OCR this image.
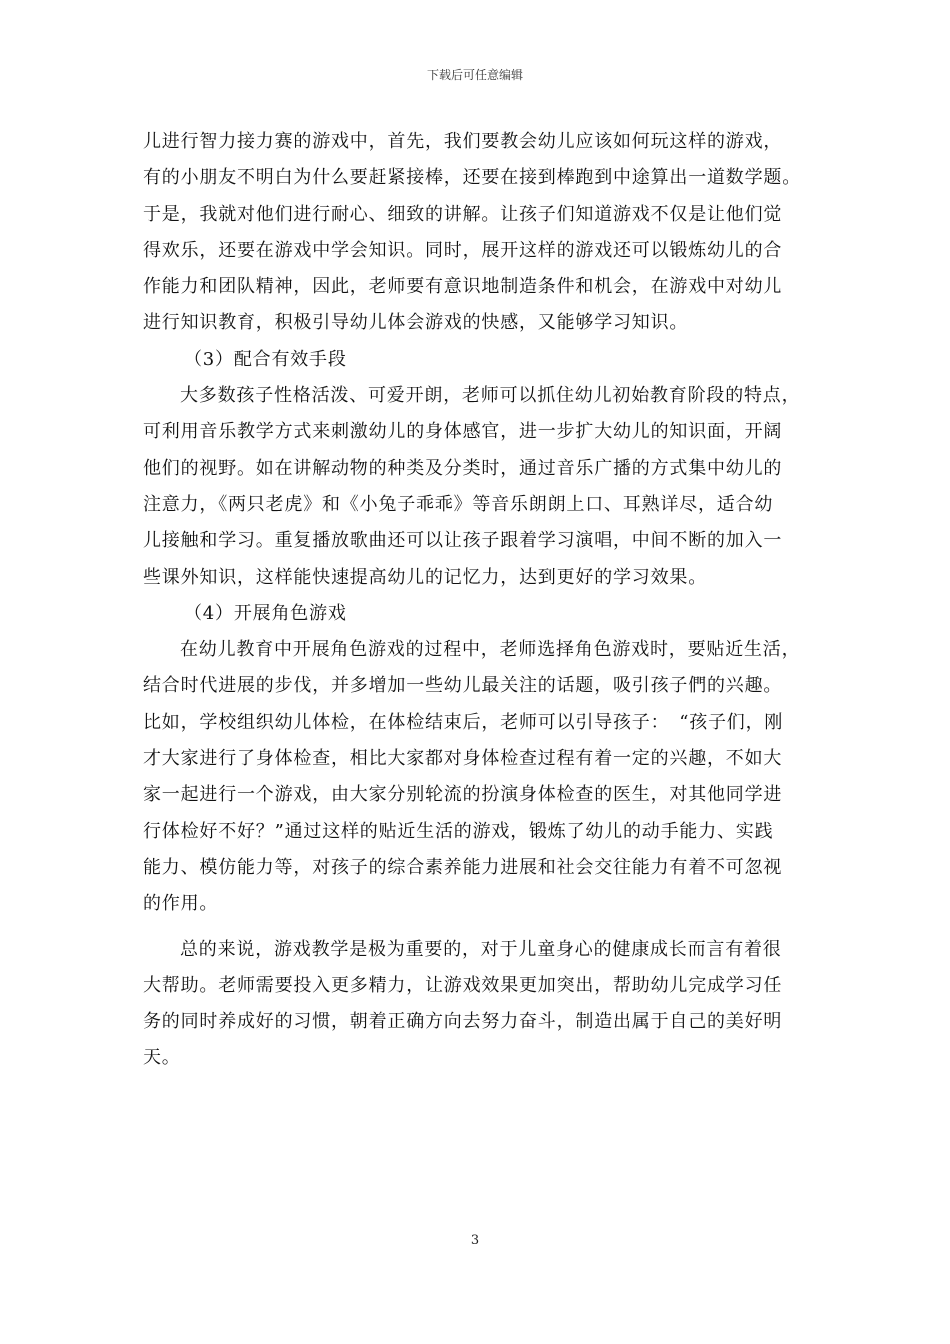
下载后可任意编辑
儿进行智力接力赛的游戏中，首先，我们要教会幼儿应该如何玩这样的游戏，
有的小朋友不明白为什么要赶紧接棒，还要在接到棒跑到中途算出一道数学题。
于是，我就对他们进行耐心、细致的讲解。让孩子们知道游戏不仅是让他们觉
得欢乐，还要在游戏中学会知识。同时，展开这样的游戏还可以锻炼幼儿的合
作能力和团队精神，因此，老师要有意识地制造条件和机会，在游戏中对幼儿
进行知识教育，积极引导幼儿体会游戏的快感，又能够学习知识。
（3）配合有效手段
大多数孩子性格活泼、可爱开朗，老师可以抓住幼儿初始教育阶段的特点，
可利用音乐教学方式来刺激幼儿的身体感官，进一步扩大幼儿的知识面，开阔
他们的视野。如在讲解动物的种类及分类时，通过音乐广播的方式集中幼儿的
注意力，《两只老虎》和《小兔子乖乖》等音乐朗朗上口、耳熟详尽，适合幼
儿接触和学习。重复播放歌曲还可以让孩子跟着学习演唱，中间不断的加入一
些课外知识，这样能快速提高幼儿的记忆力，达到更好的学习效果。
（4）开展角色游戏
在幼儿教育中开展角色游戏的过程中，老师选择角色游戏时，要贴近生活，
结合时代进展的步伐，并多增加一些幼儿最关注的话题，吸引孩子們的兴趣。
比如，学校组织幼儿体检，在体检结束后，老师可以引导孩子：　“孩子们，刚
才大家进行了身体检查，相比大家都对身体检查过程有着一定的兴趣，不如大
家一起进行一个游戏，由大家分别轮流的扮演身体检查的医生，对其他同学进
行体检好不好？”通过这样的贴近生活的游戏，锻炼了幼儿的动手能力、实践
能力、模仿能力等，对孩子的综合素养能力进展和社会交往能力有着不可忽视
的作用。
总的来说，游戏教学是极为重要的，对于儿童身心的健康成长而言有着很
大帮助。老师需要投入更多精力，让游戏效果更加突出，帮助幼儿完成学习任
务的同时养成好的习惯，朝着正确方向去努力奋斗，制造出属于自己的美好明
天。
3
